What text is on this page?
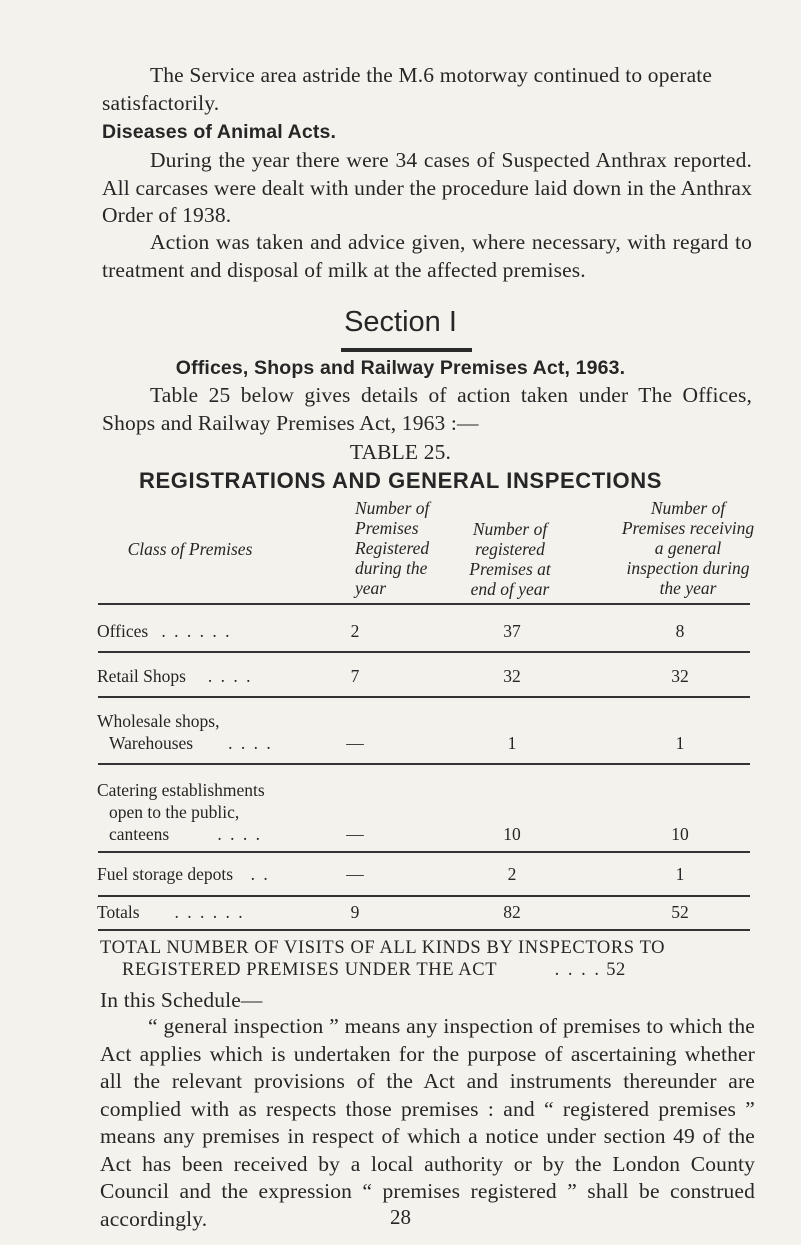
The Service area astride the M.6 motorway continued to operate satisfactorily.

Diseases of Animal Acts.

During the year there were 34 cases of Suspected Anthrax reported. All carcases were dealt with under the procedure laid down in the Anthrax Order of 1938.

Action was taken and advice given, where necessary, with regard to treatment and disposal of milk at the affected premises.

Section I

Offices, Shops and Railway Premises Act, 1963.

Table 25 below gives details of action taken under The Offices, Shops and Railway Premises Act, 1963 :—

TABLE 25.

REGISTRATIONS AND GENERAL INSPECTIONS

Class of Premises
Number of
Premises
Registered
during the
year
Number of
registered
Premises at
end of year
Number of
Premises receiving
a general
inspection during
the year
Offices . . . . . .	2	37	8
Retail Shops . . . .	7	32	32
Wholesale shops,
Warehouses . . . .	—	1	1
Catering establishments
open to the public,
canteens	. . . .	—	10	10
Fuel storage depots . .	—	2	1
Totals . . . . . .	9	82	52
TOTAL NUMBER OF VISITS OF ALL KINDS BY INSPECTORS TO
REGISTERED PREMISES UNDER THE ACT	. . . . 52

In this Schedule—

“ general inspection ” means any inspection of premises to which the Act applies which is undertaken for the purpose of ascertaining whether all the relevant provisions of the Act and instruments thereunder are complied with as respects those premises : and “ registered premises ” means any premises in respect of which a notice under section 49 of the Act has been received by a local authority or by the London County Council and the expression “ premises registered ” shall be construed accordingly.	28
